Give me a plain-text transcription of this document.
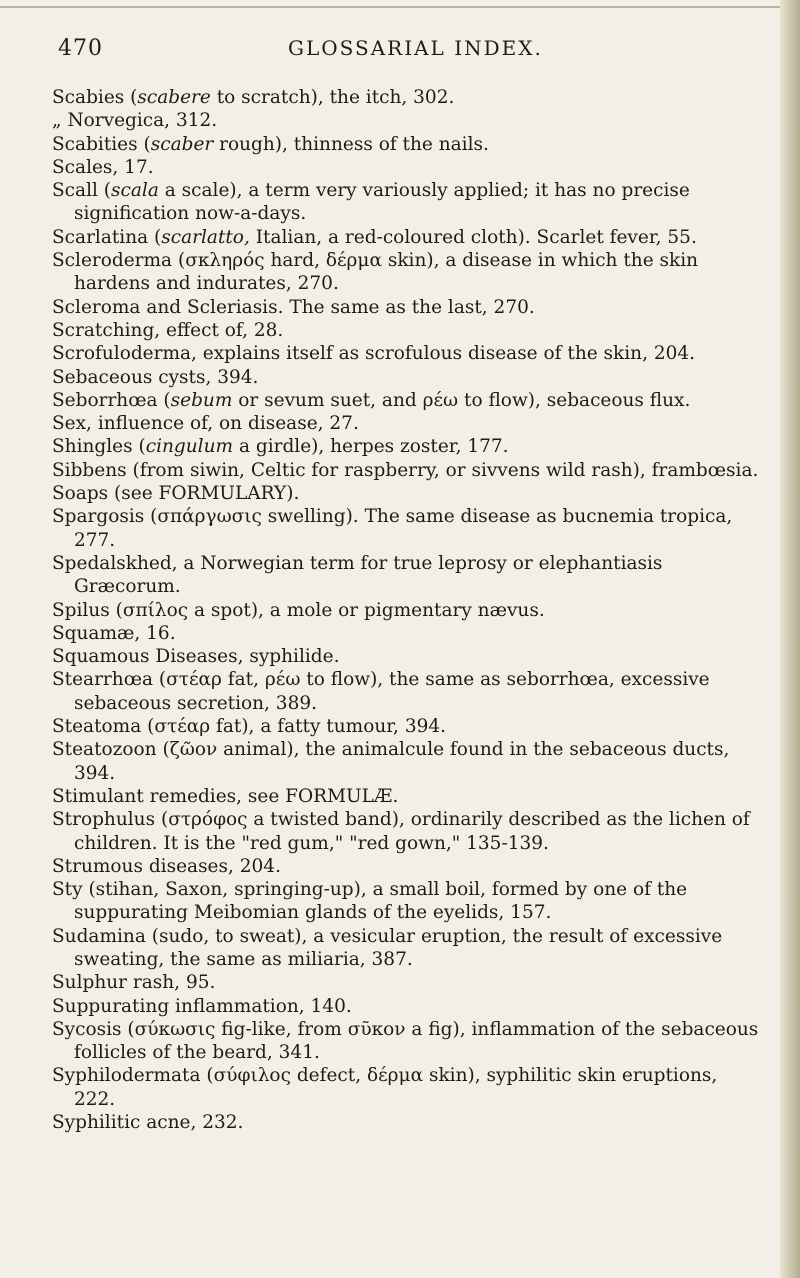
470	GLOSSARIAL INDEX.

Scabies (scabere to scratch), the itch, 302.

„ Norvegica, 312.

Scabities (scaber rough), thinness of the nails.

Scales, 17.

Scall (scala a scale), a term very variously applied; it has no precise signification now-a-days.

Scarlatina (scarlatto, Italian, a red-coloured cloth). Scarlet fever, 55.

Scleroderma (σκληρός hard, δέρμα skin), a disease in which the skin hardens and indurates, 270.

Scleroma and Scleriasis. The same as the last, 270.

Scratching, effect of, 28.

Scrofuloderma, explains itself as scrofulous disease of the skin, 204.

Sebaceous cysts, 394.

Seborrhœa (sebum or sevum suet, and ρέω to flow), sebaceous flux.

Sex, influence of, on disease, 27.

Shingles (cingulum a girdle), herpes zoster, 177.

Sibbens (from siwin, Celtic for raspberry, or sivvens wild rash), frambœsia.

Soaps (see FORMULARY).

Spargosis (σπάργωσις swelling). The same disease as bucnemia tropica, 277.

Spedalskhed, a Norwegian term for true leprosy or elephantiasis Græcorum.

Spilus (σπίλος a spot), a mole or pigmentary nævus.

Squamæ, 16.

Squamous Diseases, syphilide.

Stearrhœa (στέαρ fat, ρέω to flow), the same as seborrhœa, excessive sebaceous secretion, 389.

Steatoma (στέαρ fat), a fatty tumour, 394.

Steatozoon (ζῶον animal), the animalcule found in the sebaceous ducts, 394.

Stimulant remedies, see FORMULÆ.

Strophulus (στρόφος a twisted band), ordinarily described as the lichen of children. It is the "red gum," "red gown," 135-139.

Strumous diseases, 204.

Sty (stihan, Saxon, springing-up), a small boil, formed by one of the suppurating Meibomian glands of the eyelids, 157.

Sudamina (sudo, to sweat), a vesicular eruption, the result of excessive sweating, the same as miliaria, 387.

Sulphur rash, 95.

Suppurating inflammation, 140.

Sycosis (σύκωσις fig-like, from σῦκον a fig), inflammation of the sebaceous follicles of the beard, 341.

Syphilodermata (σύφιλος defect, δέρμα skin), syphilitic skin eruptions, 222.

Syphilitic acne, 232.
